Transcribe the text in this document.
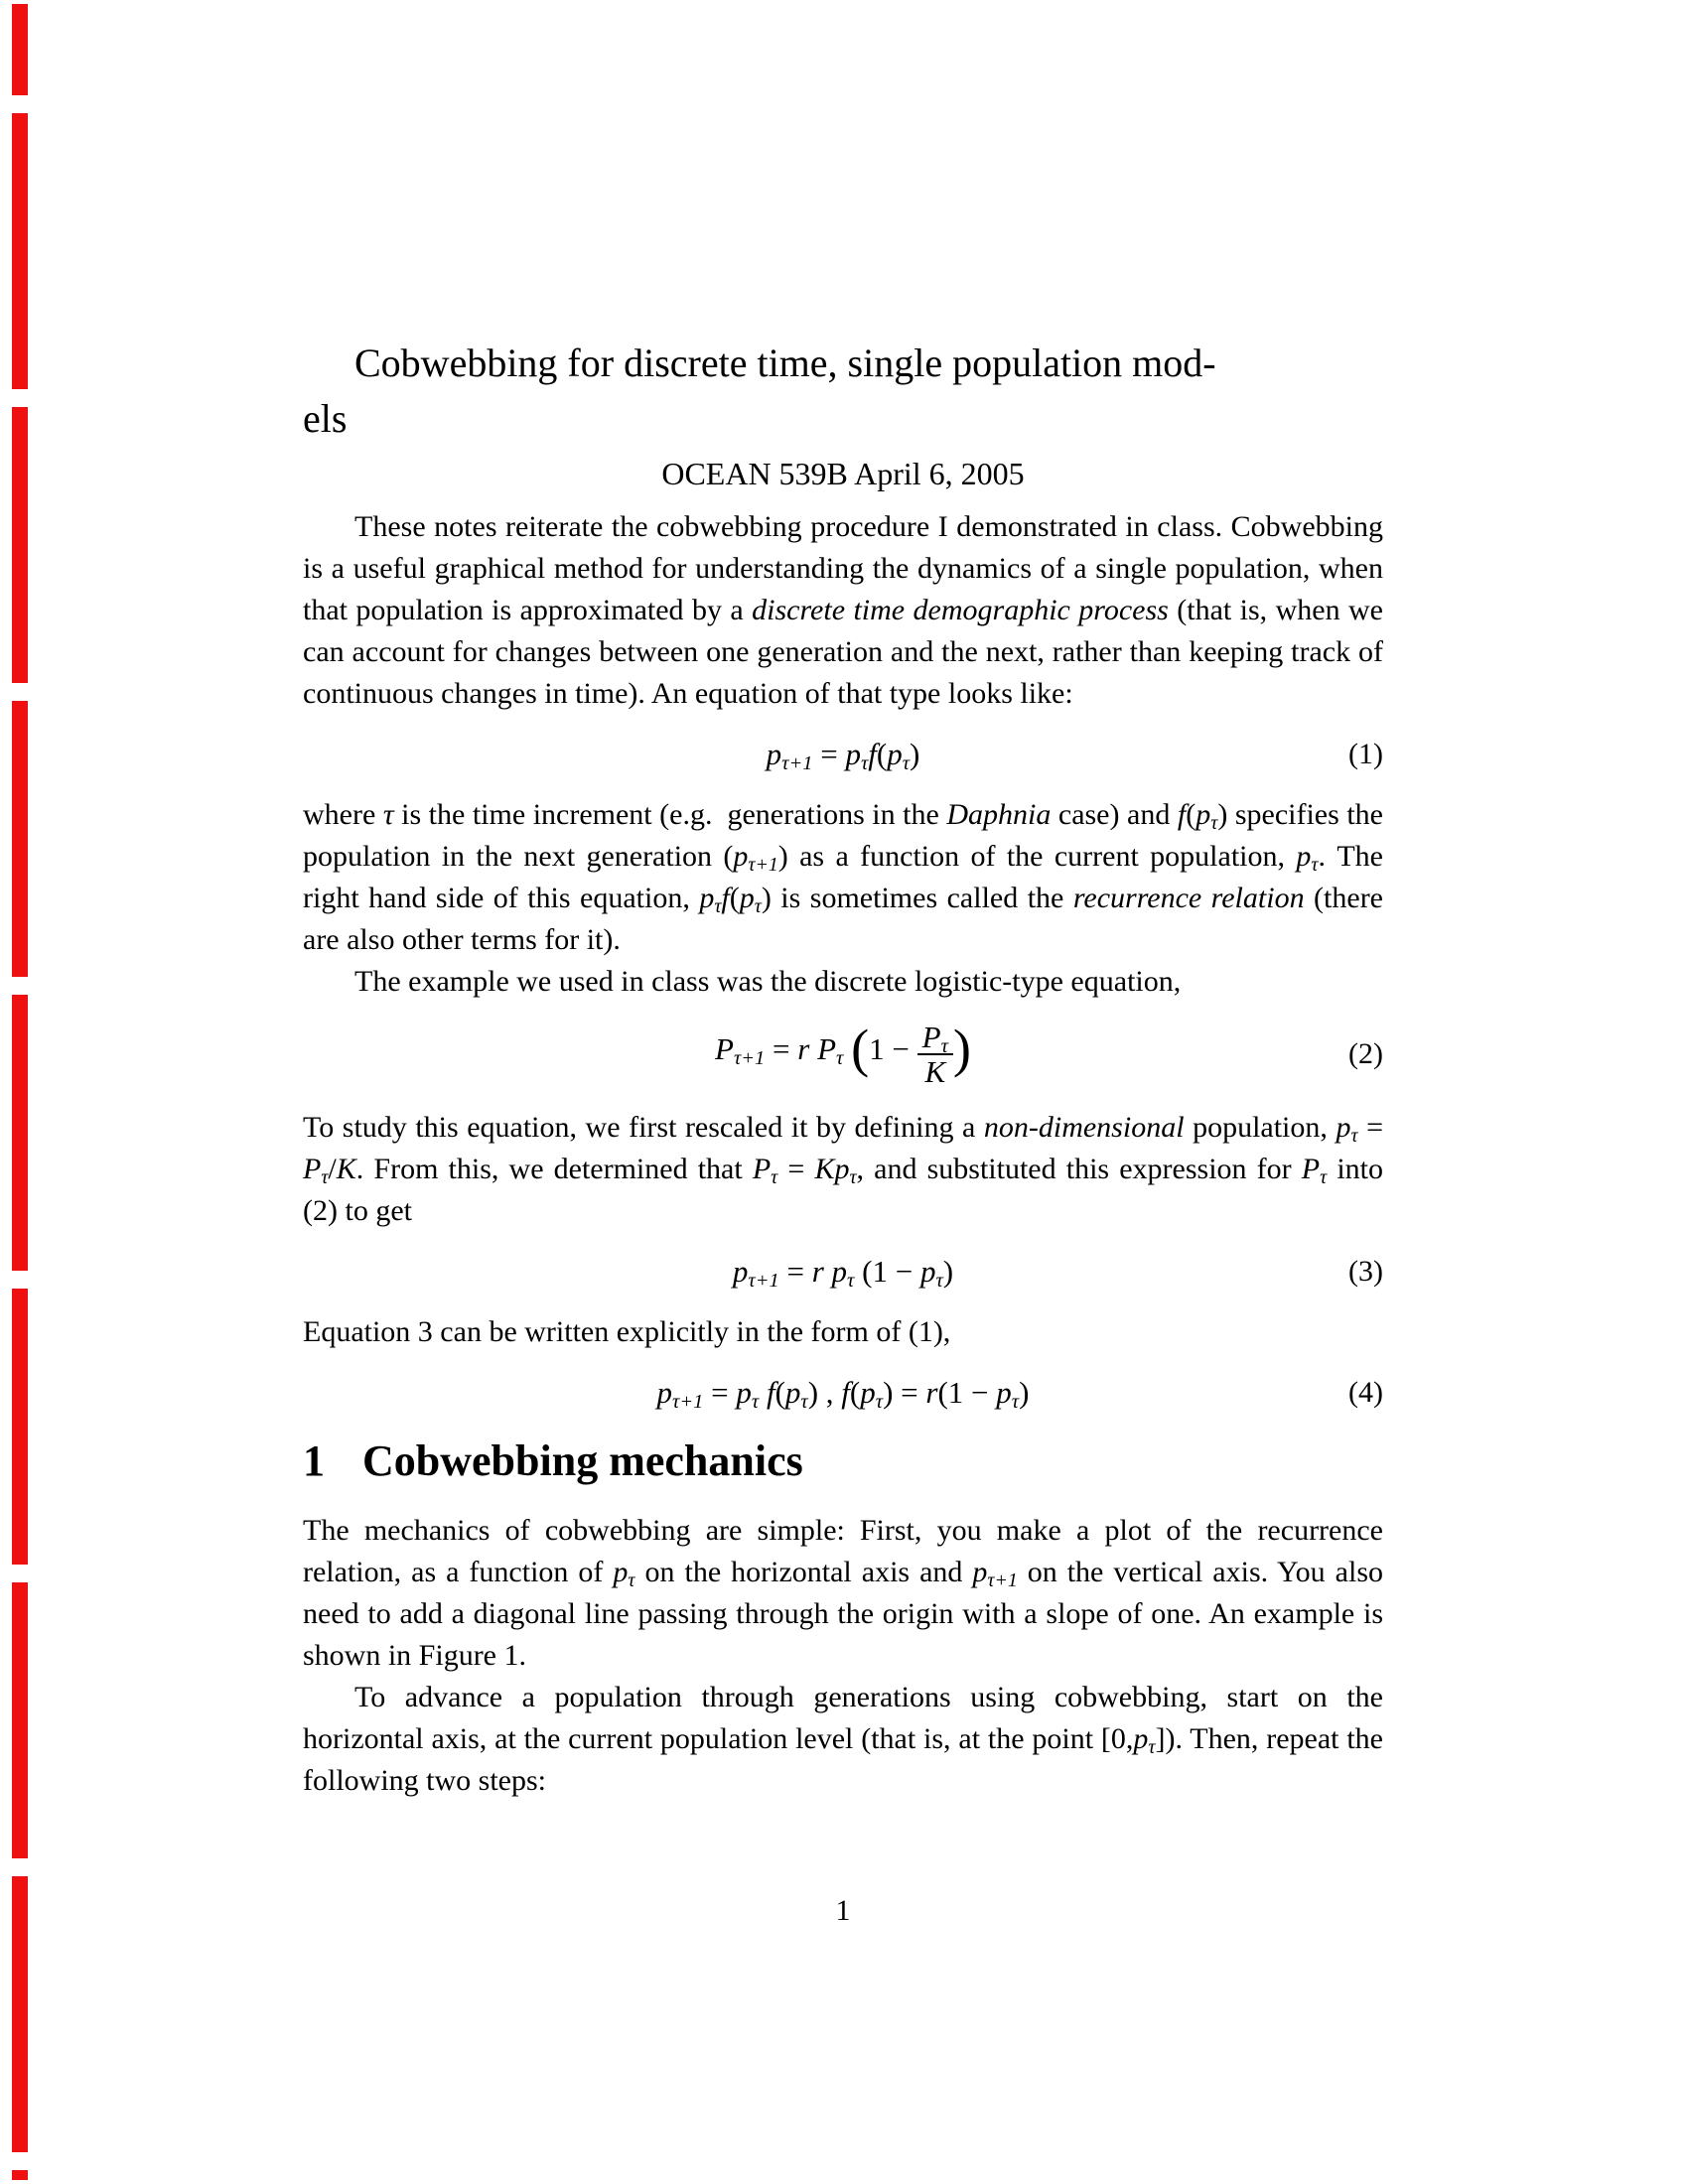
Cobwebbing for discrete time, single population mod-
els
OCEAN 539B April 6, 2005

These notes reiterate the cobwebbing procedure I demonstrated in class. Cobwebbing is a useful graphical method for understanding the dynamics of a single population, when that population is approximated by a discrete time demographic process (that is, when we can account for changes between one generation and the next, rather than keeping track of continuous changes in time). An equation of that type looks like:

$p_{\tau+1} = p_\tau f(p_\tau)$	(1)

where τ is the time increment (e.g. generations in the Daphnia case) and $f(p_\tau)$ specifies the population in the next generation $(p_{\tau+1})$ as a function of the current population, $p_\tau$. The right hand side of this equation, $p_\tau f(p_\tau)$ is sometimes called the recurrence relation (there are also other terms for it).

The example we used in class was the discrete logistic-type equation,

$P_{\tau+1} = r$ $P_\tau$ ($1 - \frac{P_\tau}{K}$ )	(2)

To study this equation, we first rescaled it by defining a non-dimensional population, $p_\tau = P_\tau/K$. From this, we determined that $P_\tau = Kp_\tau$, and substituted this expression for $P_\tau$ into (2) to get

$p_{\tau+1} = r$ $p_\tau$ $(1 - p_\tau)$	(3)

Equation 3 can be written explicitly in the form of (1),

$p_{\tau+1} = p_\tau$ $f(p_\tau)$ , $f(p_\tau) = r(1 - p_\tau)$	(4)
1 Cobwebbing mechanics

The mechanics of cobwebbing are simple: First, you make a plot of the recurrence relation, as a function of $p_\tau$ on the horizontal axis and $p_{\tau+1}$ on the vertical axis. You also need to add a diagonal line passing through the origin with a slope of one. An example is shown in Figure 1.

To advance a population through generations using cobwebbing, start on the horizontal axis, at the current population level (that is, at the point $[0,p_\tau]$). Then, repeat the following two steps:

1
